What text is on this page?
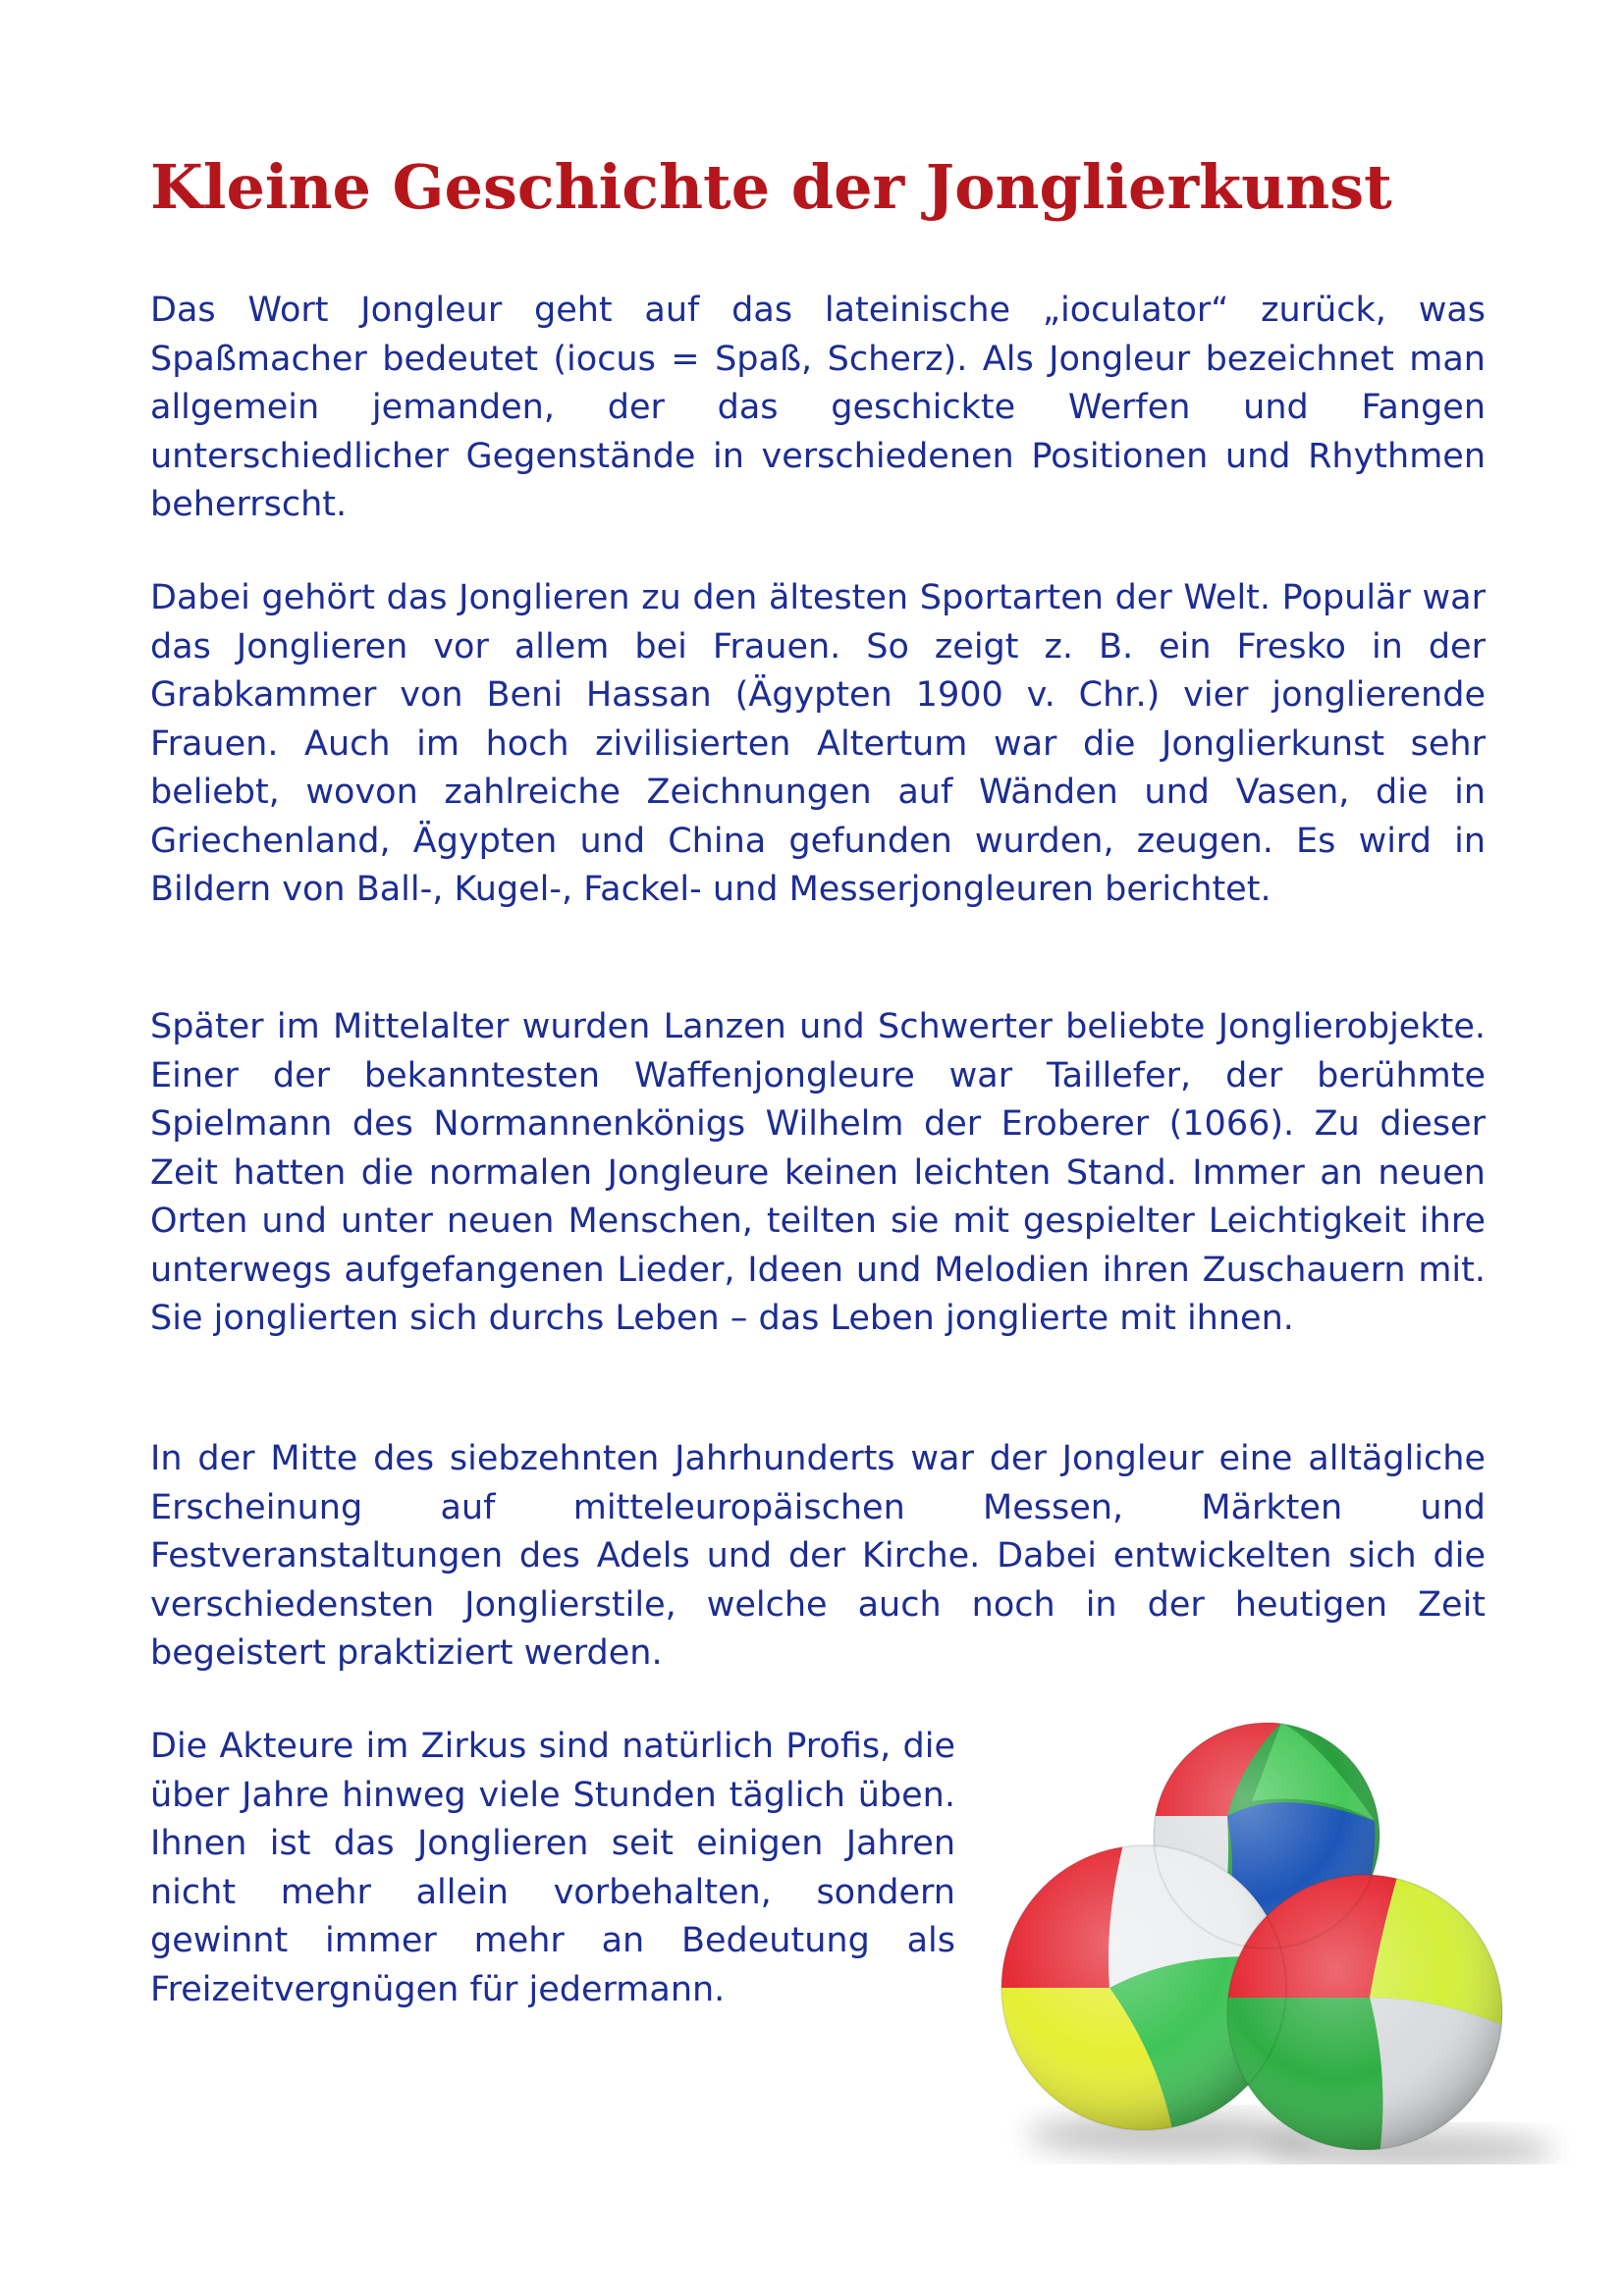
Kleine Geschichte der Jonglierkunst

Das Wort Jongleur geht auf das lateinische „ioculator“ zurück, was Spaßmacher bedeutet (iocus = Spaß, Scherz). Als Jongleur bezeichnet man allgemein jemanden, der das geschickte Werfen und Fangen unterschiedlicher Gegenstände in verschiedenen Positionen und Rhythmen beherrscht.

Dabei gehört das Jonglieren zu den ältesten Sportarten der Welt. Populär war das Jonglieren vor allem bei Frauen. So zeigt z. B. ein Fresko in der Grabkammer von Beni Hassan (Ägypten 1900 v. Chr.) vier jonglierende Frauen. Auch im hoch zivilisierten Altertum war die Jonglierkunst sehr beliebt, wovon zahlreiche Zeichnungen auf Wänden und Vasen, die in Griechenland, Ägypten und China gefunden wurden, zeugen. Es wird in Bildern von Ball-, Kugel-, Fackel- und Messerjongleuren berichtet.

Später im Mittelalter wurden Lanzen und Schwerter beliebte Jonglierobjekte. Einer der bekanntesten Waffenjongleure war Taillefer, der berühmte Spielmann des Normannenkönigs Wilhelm der Eroberer (1066). Zu dieser Zeit hatten die normalen Jongleure keinen leichten Stand. Immer an neuen Orten und unter neuen Menschen, teilten sie mit gespielter Leichtigkeit ihre unterwegs aufgefangenen Lieder, Ideen und Melodien ihren Zuschauern mit. Sie jonglierten sich durchs Leben – das Leben jonglierte mit ihnen.

In der Mitte des siebzehnten Jahrhunderts war der Jongleur eine alltägliche Erscheinung auf mitteleuropäischen Messen, Märkten und Festveranstaltungen des Adels und der Kirche. Dabei entwickelten sich die verschiedensten Jonglierstile, welche auch noch in der heutigen Zeit begeistert praktiziert werden.

Die Akteure im Zirkus sind natürlich Profis, die über Jahre hinweg viele Stunden täglich üben. Ihnen ist das Jonglieren seit einigen Jahren nicht mehr allein vorbehalten, sondern gewinnt immer mehr an Bedeutung als Freizeitvergnügen für jedermann.
